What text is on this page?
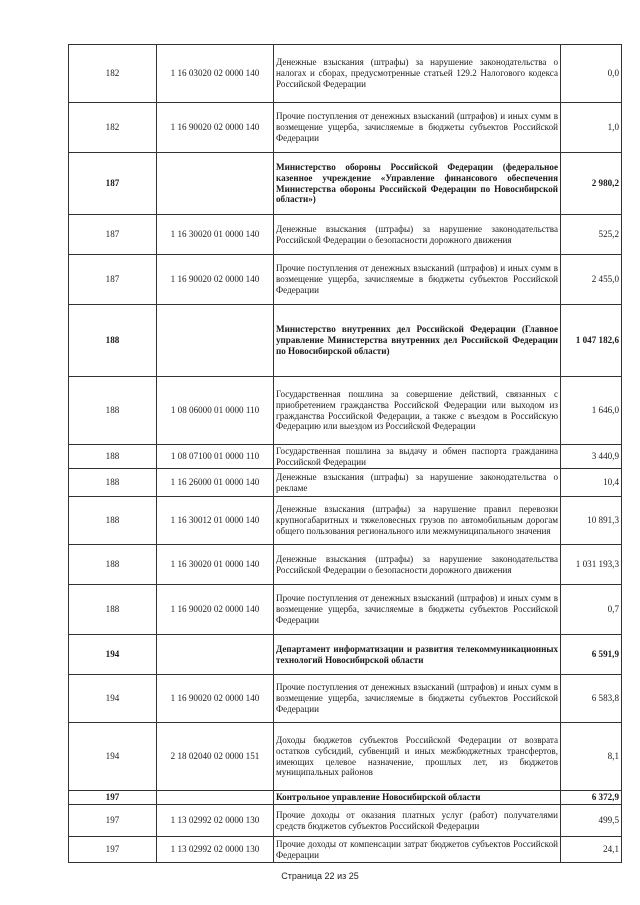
182	1 16 03020 02 0000 140	Денежные взыскания (штрафы) за нарушение законодательства о налогах и сборах, предусмотренные статьей 129.2 Налогового кодекса Российской Федерации	0,0
182	1 16 90020 02 0000 140	Прочие поступления от денежных взысканий (штрафов) и иных сумм в возмещение ущерба, зачисляемые в бюджеты субъектов Российской Федерации	1,0
187		Министерство обороны Российской Федерации (федеральное казенное учреждение «Управление финансового обеспечения Министерства обороны Российской Федерации по Новосибирской области»)	2 980,2
187	1 16 30020 01 0000 140	Денежные взыскания (штрафы) за нарушение законодательства Российской Федерации о безопасности дорожного движения	525,2
187	1 16 90020 02 0000 140	Прочие поступления от денежных взысканий (штрафов) и иных сумм в возмещение ущерба, зачисляемые в бюджеты субъектов Российской Федерации	2 455,0
188		Министерство внутренних дел Российской Федерации (Главное управление Министерства внутренних дел Российской Федерации по Новосибирской области)	1 047 182,6
188	1 08 06000 01 0000 110	Государственная пошлина за совершение действий, связанных с приобретением гражданства Российской Федерации или выходом из гражданства Российской Федерации, а также с въездом в Российскую Федерацию или выездом из Российской Федерации	1 646,0
188	1 08 07100 01 0000 110	Государственная пошлина за выдачу и обмен паспорта гражданина Российской Федерации	3 440,9
188	1 16 26000 01 0000 140	Денежные взыскания (штрафы) за нарушение законодательства о рекламе	10,4
188	1 16 30012 01 0000 140	Денежные взыскания (штрафы) за нарушение правил перевозки крупногабаритных и тяжеловесных грузов по автомобильным дорогам общего пользования регионального или межмуниципального значения	10 891,3
188	1 16 30020 01 0000 140	Денежные взыскания (штрафы) за нарушение законодательства Российской Федерации о безопасности дорожного движения	1 031 193,3
188	1 16 90020 02 0000 140	Прочие поступления от денежных взысканий (штрафов) и иных сумм в возмещение ущерба, зачисляемые в бюджеты субъектов Российской Федерации	0,7
194		Департамент информатизации и развития телекоммуникационных технологий Новосибирской области	6 591,9
194	1 16 90020 02 0000 140	Прочие поступления от денежных взысканий (штрафов) и иных сумм в возмещение ущерба, зачисляемые в бюджеты субъектов Российской Федерации	6 583,8
194	2 18 02040 02 0000 151	Доходы бюджетов субъектов Российской Федерации от возврата остатков субсидий, субвенций и иных межбюджетных трансфертов, имеющих целевое назначение, прошлых лет, из бюджетов муниципальных районов	8,1
197		Контрольное управление Новосибирской области	6 372,9
197	1 13 02992 02 0000 130	Прочие доходы от оказания платных услуг (работ) получателями средств бюджетов субъектов Российской Федерации	499,5
197	1 13 02992 02 0000 130	Прочие доходы от компенсации затрат бюджетов субъектов Российской Федерации	24,1
Страница 22 из 25
